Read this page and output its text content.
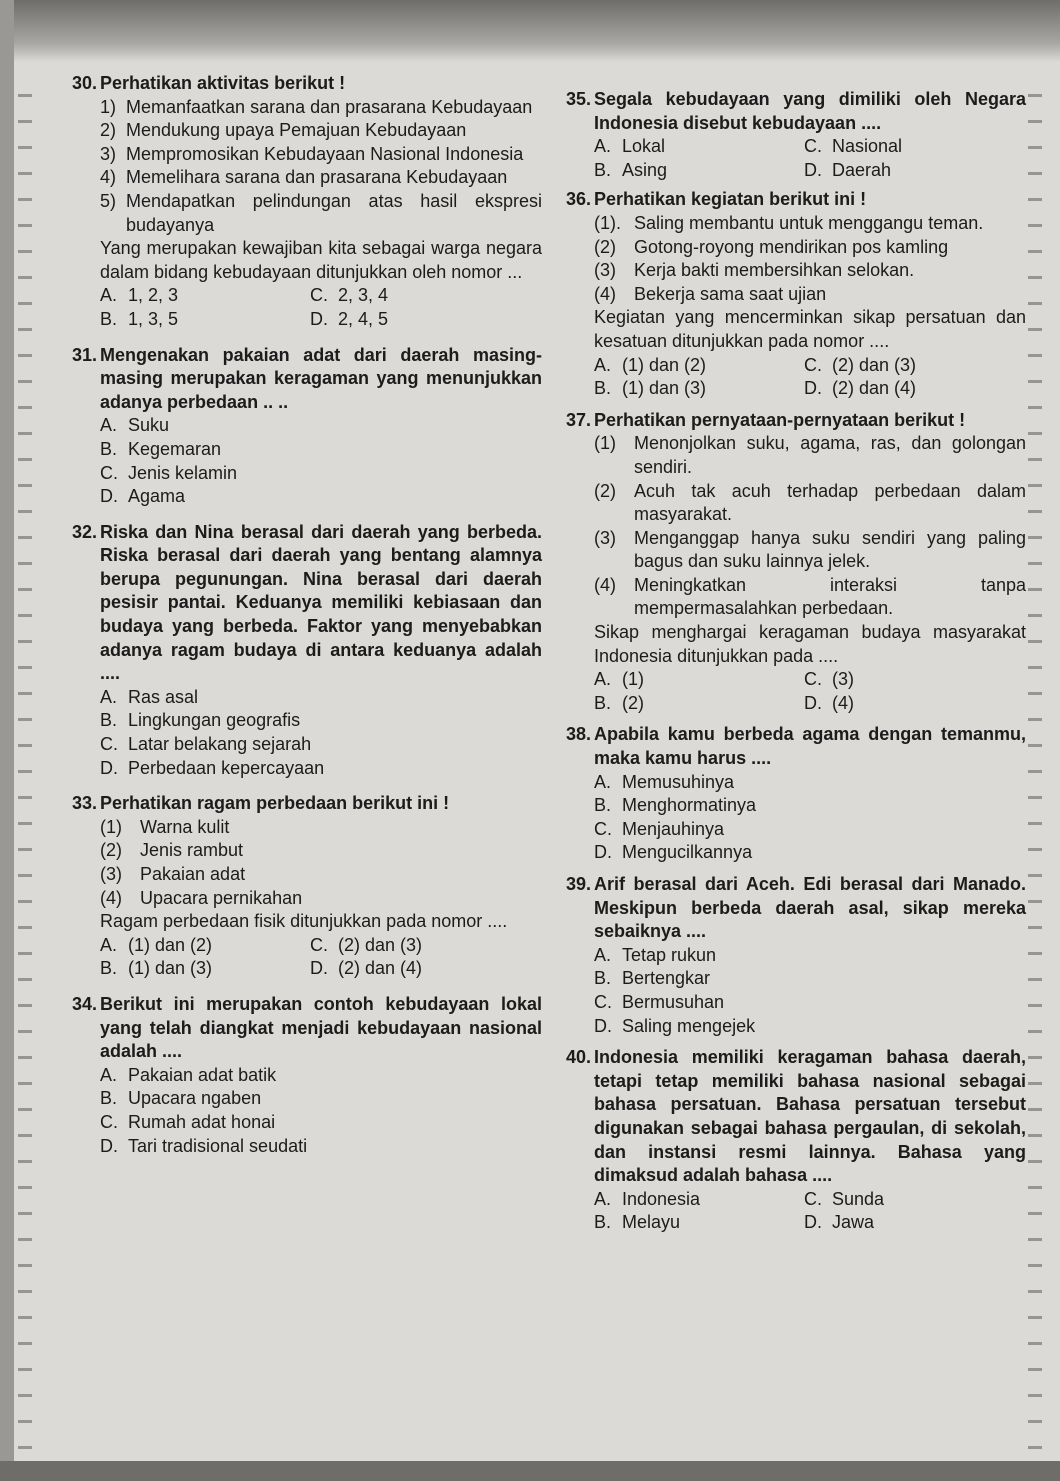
30. Perhatikan aktivitas berikut !
1) Memanfaatkan sarana dan prasarana Kebudayaan
2) Mendukung upaya Pemajuan Kebudayaan
3) Mempromosikan Kebudayaan Nasional Indonesia
4) Memelihara sarana dan prasarana Kebudayaan
5) Mendapatkan pelindungan atas hasil ekspresi budayanya
Yang merupakan kewajiban kita sebagai warga negara dalam bidang kebudayaan ditunjukkan oleh nomor ...
A. 1, 2, 3	C. 2, 3, 4
B. 1, 3, 5	D. 2, 4, 5
31. Mengenakan pakaian adat dari daerah masing-masing merupakan keragaman yang menunjukkan adanya perbedaan .. ..
A. Suku
B. Kegemaran
C. Jenis kelamin
D. Agama
32. Riska dan Nina berasal dari daerah yang berbeda. Riska berasal dari daerah yang bentang alamnya berupa pegunungan. Nina berasal dari daerah pesisir pantai. Keduanya memiliki kebiasaan dan budaya yang berbeda. Faktor yang menyebabkan adanya ragam budaya di antara keduanya adalah ....
A. Ras asal
B. Lingkungan geografis
C. Latar belakang sejarah
D. Perbedaan kepercayaan
33. Perhatikan ragam perbedaan berikut ini !
(1)	Warna kulit
(2)	Jenis rambut
(3)	Pakaian adat
(4)	Upacara pernikahan
Ragam perbedaan fisik ditunjukkan pada nomor ....
A. (1) dan (2)	C. (2) dan (3)
B. (1) dan (3)	D. (2) dan (4)
34. Berikut ini merupakan contoh kebudayaan lokal yang telah diangkat menjadi kebudayaan nasional adalah ....
A. Pakaian adat batik
B. Upacara ngaben
C. Rumah adat honai
D. Tari tradisional seudati
35. Segala kebudayaan yang dimiliki oleh Negara Indonesia disebut kebudayaan ....
A. Lokal	C. Nasional
B. Asing	D. Daerah
36. Perhatikan kegiatan berikut ini !
(1). Saling membantu untuk menggangu teman.
(2)	Gotong-royong mendirikan pos kamling
(3)	Kerja bakti membersihkan selokan.
(4)	Bekerja sama saat ujian
Kegiatan yang mencerminkan sikap persatuan dan kesatuan ditunjukkan pada nomor ....
A. (1) dan (2)	C. (2) dan (3)
B. (1) dan (3)	D. (2) dan (4)
37. Perhatikan pernyataan-pernyataan berikut !
(1)	Menonjolkan suku, agama, ras, dan golongan sendiri.
(2)	Acuh tak acuh terhadap perbedaan dalam masyarakat.
(3)	Menganggap hanya suku sendiri yang paling bagus dan suku lainnya jelek.
(4)	Meningkatkan interaksi tanpa mempermasalahkan perbedaan.
Sikap menghargai keragaman budaya masyarakat Indonesia ditunjukkan pada ....
A. (1)	C. (3)
B. (2)	D. (4)
38. Apabila kamu berbeda agama dengan temanmu, maka kamu harus ....
A. Memusuhinya
B. Menghormatinya
C. Menjauhinya
D. Mengucilkannya
39. Arif berasal dari Aceh. Edi berasal dari Manado. Meskipun berbeda daerah asal, sikap mereka sebaiknya ....
A. Tetap rukun
B. Bertengkar
C. Bermusuhan
D. Saling mengejek
40. Indonesia memiliki keragaman bahasa daerah, tetapi tetap memiliki bahasa nasional sebagai bahasa persatuan. Bahasa persatuan tersebut digunakan sebagai bahasa pergaulan, di sekolah, dan instansi resmi lainnya. Bahasa yang dimaksud adalah bahasa ....
A. Indonesia	C. Sunda
B. Melayu	D. Jawa
